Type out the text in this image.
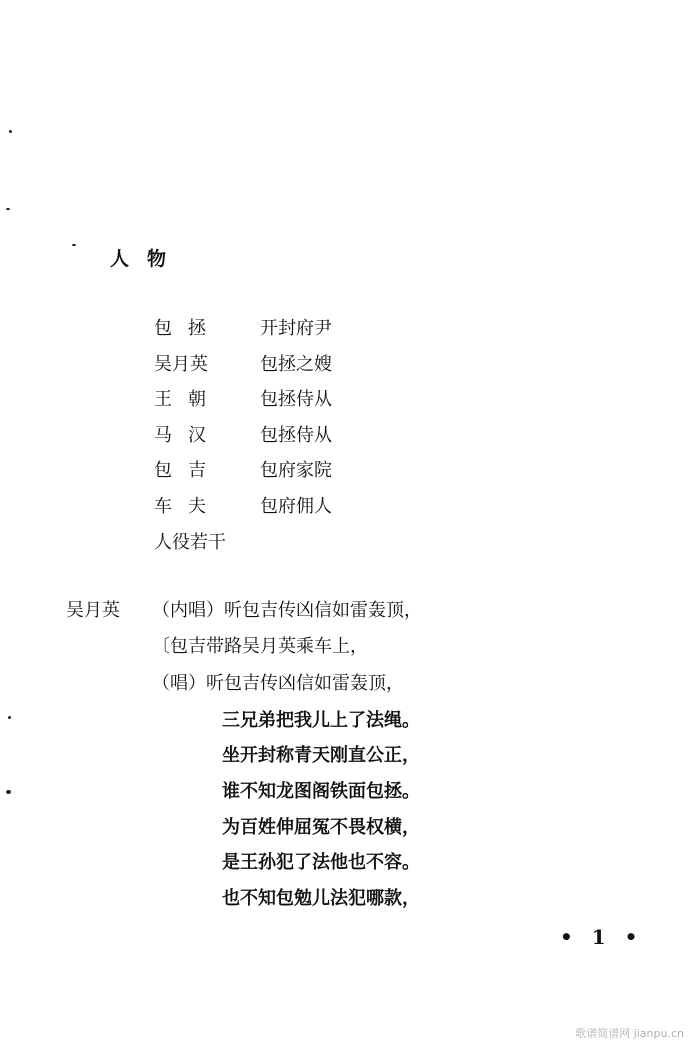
人物
包拯	开封府尹
吴月英	包拯之嫂
王朝	包拯侍从
马汉	包拯侍从
包吉	包府家院
车夫	包府佣人
人役若干
吴月英 （内唱）听包吉传凶信如雷轰顶，
〔包吉带路吴月英乘车上，
（唱）听包吉传凶信如雷轰顶，
三兄弟把我儿上了法绳。
坐开封称青天刚直公正，
谁不知龙图阁铁面包拯。
为百姓伸屈冤不畏权横，
是王孙犯了法他也不容。
也不知包勉儿法犯哪款，
• 1 •
歌谱简谱网 jianpu.cn
